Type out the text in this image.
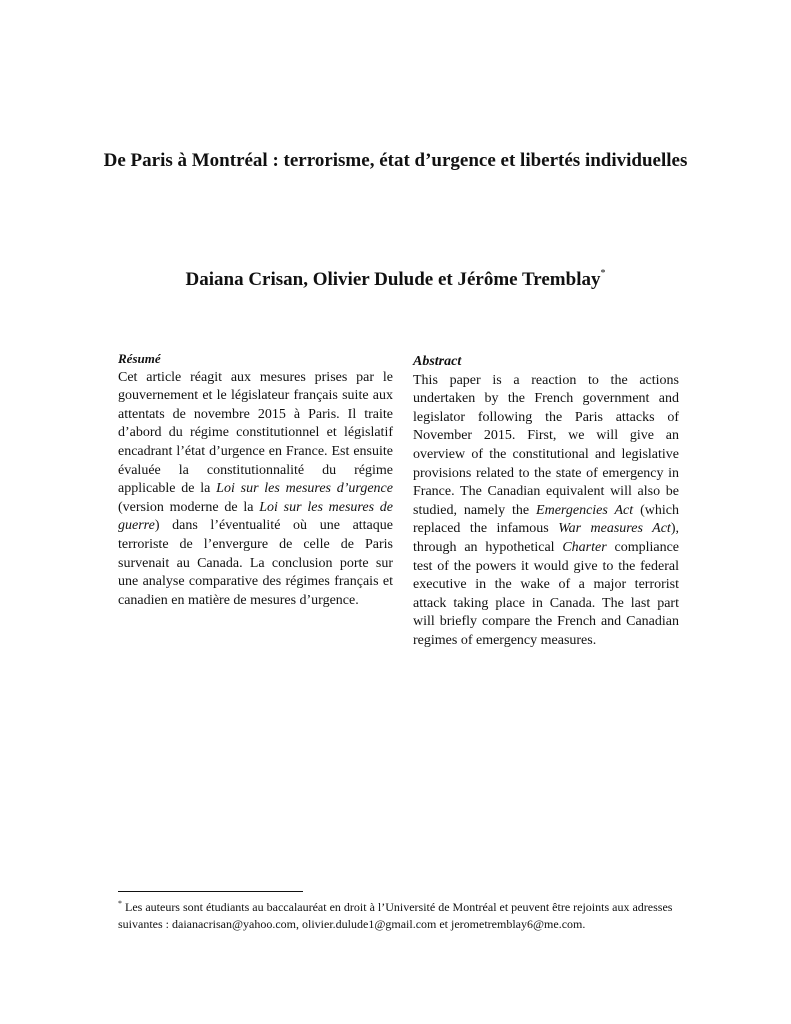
De Paris à Montréal : terrorisme, état d’urgence et libertés individuelles
Daiana Crisan, Olivier Dulude et Jérôme Tremblay*

Résumé

Cet article réagit aux mesures prises par le gouvernement et le législateur français suite aux attentats de novembre 2015 à Paris. Il traite d’abord du régime constitutionnel et législatif encadrant l’état d’urgence en France. Est ensuite évaluée la constitutionnalité du régime applicable de la Loi sur les mesures d’urgence (version moderne de la Loi sur les mesures de guerre) dans l’éventualité où une attaque terroriste de l’envergure de celle de Paris survenait au Canada. La conclusion porte sur une analyse comparative des régimes français et canadien en matière de mesures d’urgence.

Abstract

This paper is a reaction to the actions undertaken by the French government and legislator following the Paris attacks of November 2015. First, we will give an overview of the constitutional and legislative provisions related to the state of emergency in France. The Canadian equivalent will also be studied, namely the Emergencies Act (which replaced the infamous War measures Act), through an hypothetical Charter compliance test of the powers it would give to the federal executive in the wake of a major terrorist attack taking place in Canada. The last part will briefly compare the French and Canadian regimes of emergency measures.

* Les auteurs sont étudiants au baccalauréat en droit à l’Université de Montréal et peuvent être rejoints aux adresses suivantes : daianacrisan@yahoo.com, olivier.dulude1@gmail.com et jerometremblay6@me.com.
